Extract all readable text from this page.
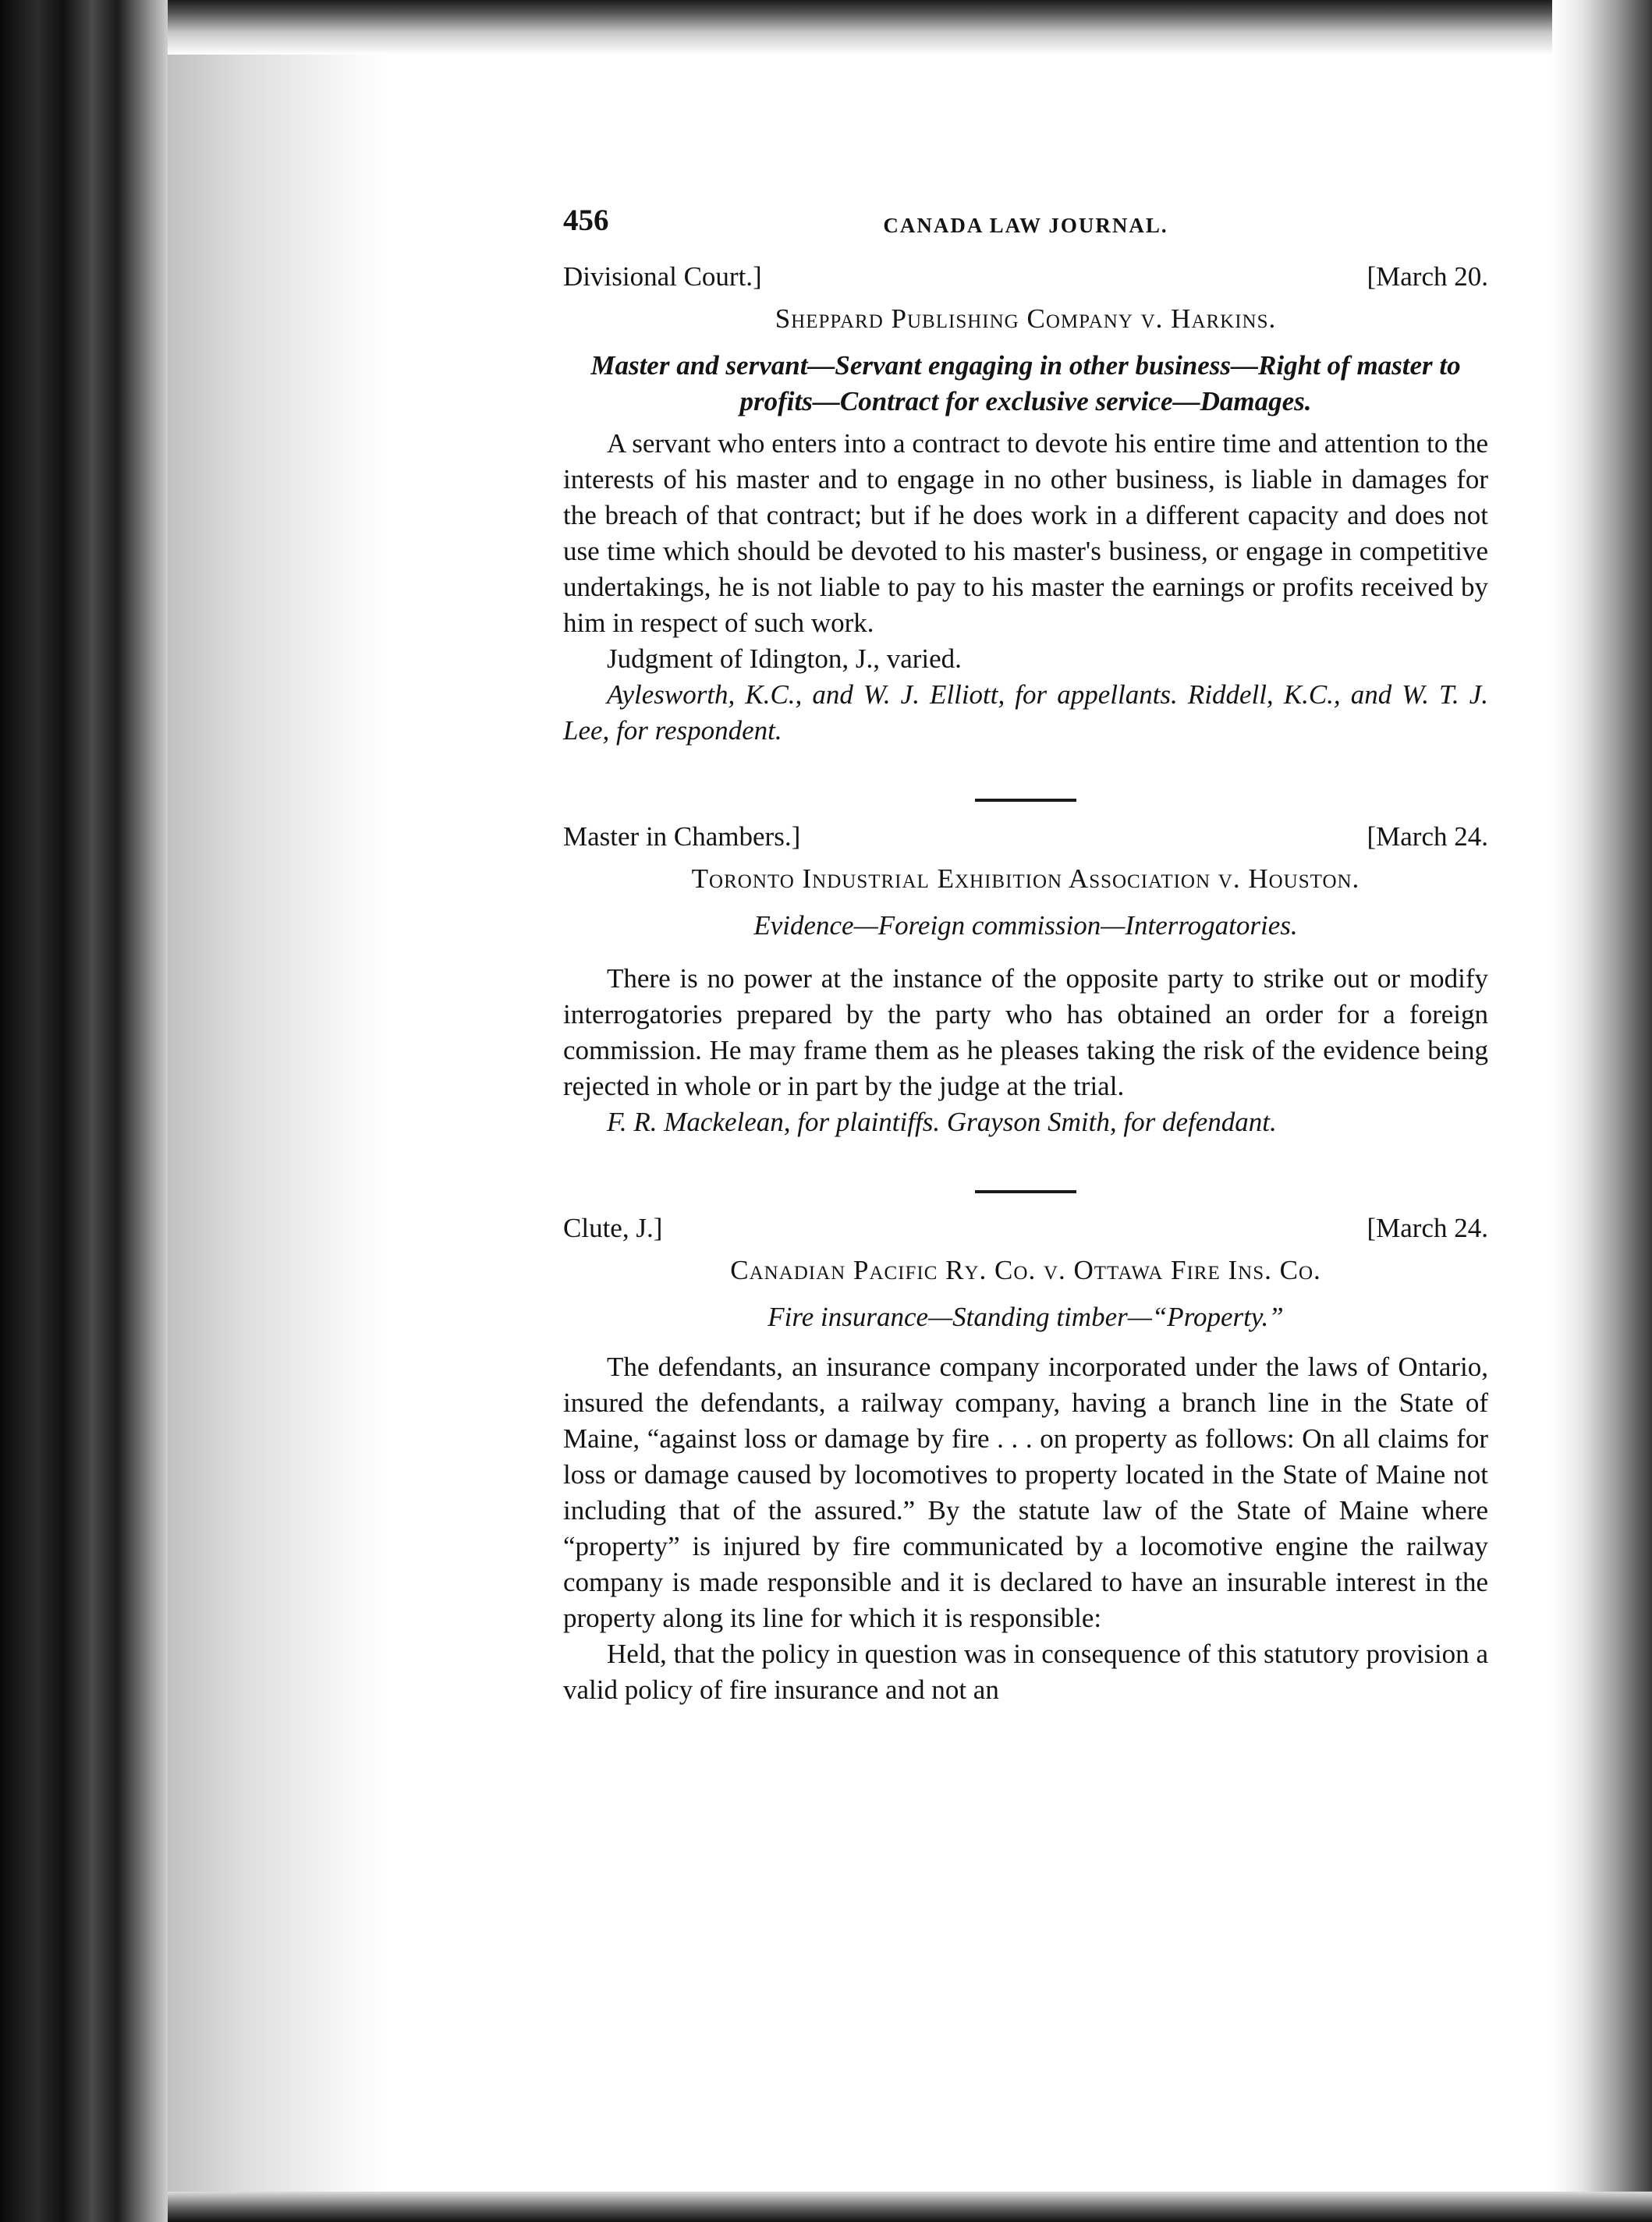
456	CANADA LAW JOURNAL.
Divisional Court.]	[March 20.
Sheppard Publishing Company v. Harkins.
Master and servant—Servant engaging in other business—Right of master to profits—Contract for exclusive service—Damages.

A servant who enters into a contract to devote his entire time and attention to the interests of his master and to engage in no other business, is liable in damages for the breach of that contract; but if he does work in a different capacity and does not use time which should be devoted to his master's business, or engage in competitive undertakings, he is not liable to pay to his master the earnings or profits received by him in respect of such work.

Judgment of Idington, J., varied.

Aylesworth, K.C., and W. J. Elliott, for appellants. Riddell, K.C., and W. T. J. Lee, for respondent.

Master in Chambers.]	[March 24.
Toronto Industrial Exhibition Association v. Houston.
Evidence—Foreign commission—Interrogatories.

There is no power at the instance of the opposite party to strike out or modify interrogatories prepared by the party who has obtained an order for a foreign commission. He may frame them as he pleases taking the risk of the evidence being rejected in whole or in part by the judge at the trial.

F. R. Mackelean, for plaintiffs. Grayson Smith, for defendant.

Clute, J.]	[March 24.
Canadian Pacific Ry. Co. v. Ottawa Fire Ins. Co.
Fire insurance—Standing timber—“Property.”

The defendants, an insurance company incorporated under the laws of Ontario, insured the defendants, a railway company, having a branch line in the State of Maine, “against loss or damage by fire . . . on property as follows: On all claims for loss or damage caused by locomotives to property located in the State of Maine not including that of the assured.” By the statute law of the State of Maine where “property” is injured by fire communicated by a locomotive engine the railway company is made responsible and it is declared to have an insurable interest in the property along its line for which it is responsible:

Held, that the policy in question was in consequence of this statutory provision a valid policy of fire insurance and not an
